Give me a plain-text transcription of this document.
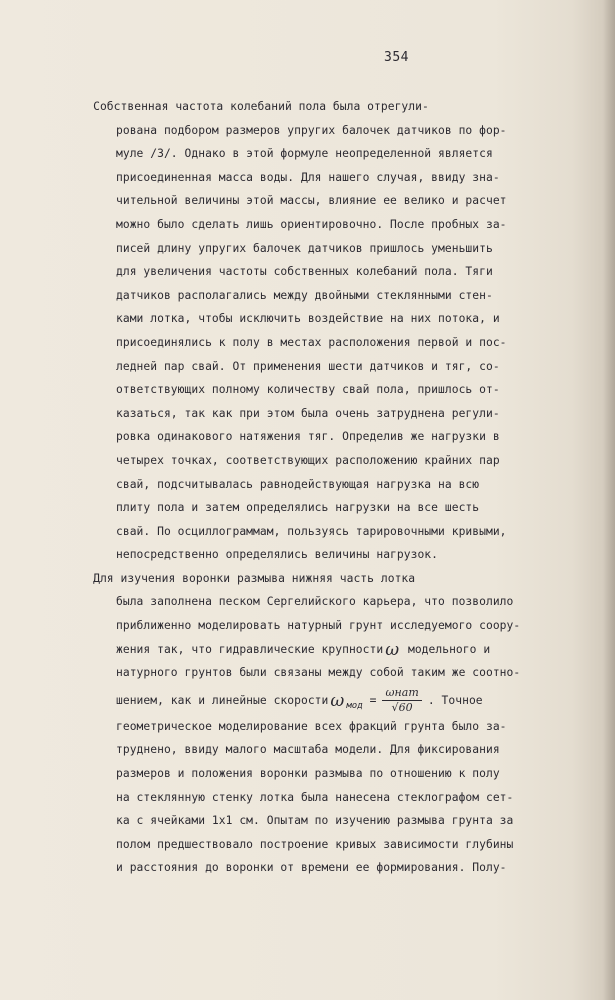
354
Собственная частота колебаний пола была отрегули-
рована подбором размеров упругих балочек датчиков по фор-
муле /3/. Однако в этой формуле неопределенной является
присоединенная масса воды. Для нашего случая, ввиду зна-
чительной величины этой массы, влияние ее велико и расчет
можно было сделать лишь ориентировочно. После пробных за-
писей длину упругих балочек датчиков пришлось уменьшить
для увеличения частоты собственных колебаний пола. Тяги
датчиков располагались между двойными стеклянными стен-
ками лотка, чтобы исключить воздействие на них потока, и
присоединялись к полу в местах расположения первой и пос-
ледней пар свай. От применения шести датчиков и тяг, со-
ответствующих полному количеству свай пола, пришлось от-
казаться, так как при этом была очень затруднена регули-
ровка одинакового натяжения тяг. Определив же нагрузки в
четырех точках, соответствующих расположению крайних пар
свай, подсчитывалась равнодействующая нагрузка на всю
плиту пола и затем определялись нагрузки на все шесть
свай. По осциллограммам, пользуясь тарировочными кривыми,
непосредственно определялись величины нагрузок.
Для изучения воронки размыва нижняя часть лотка
была заполнена песком Сергелийского карьера, что позволило
приближенно моделировать натурный грунт исследуемого соору-
жения так, что гидравлические крупности ω модельного и
натурного грунтов были связаны между собой таким же соотно-
шением, как и линейные скорости ω $_{мод} = \frac{\text{ωнат}}{√60}$ . Точное
геометрическое моделирование всех фракций грунта было за-
труднено, ввиду малого масштаба модели. Для фиксирования
размеров и положения воронки размыва по отношению к полу
на стеклянную стенку лотка была нанесена стеклографом сет-
ка с ячейками 1х1 см. Опытам по изучению размыва грунта за
полом предшествовало построение кривых зависимости глубины
и расстояния до воронки от времени ее формирования. Полу-
